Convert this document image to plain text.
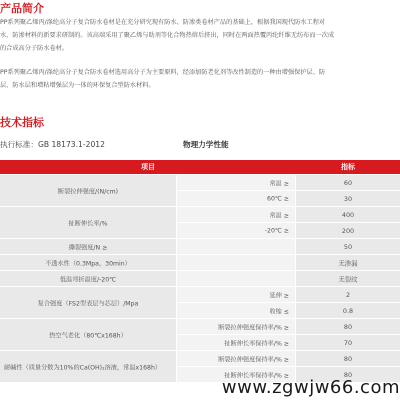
产品简介
PP系列聚乙烯丙/涤纶高分子复合防水卷材是在充分研究现有防水、防渗类卷材产品的基础上，根据我国现代防水工程对
水、防渗材料的新要求研制的。该高端采用了聚乙烯与助剂等化合物热熔后挤出，同时在两面热覆丙纶纤维无纺布而一次成
的合成高分子防水卷材。
PP系列聚乙烯丙/涤纶高分子复合防水卷材选用高分子为主要原料，经添加防老化剂等改性制造的一种由增强保护层、防
层、防水层和增粘增强层为一体的环保复合型防水材料。
技术指标
执行标准：GB 18173.1-2012	物理力学性能
项目	指标
断裂拉伸强度/(N/cm)
常温 ≥	60
60℃ ≥	30
扯断伸长率/%
常温 ≥	400
-20℃ ≥	200
撕裂强度/N ≥	50
不透水性（0.3Mpa，30min）	无渗漏
低温弯折温度/-20℃	无裂纹
复合强度（FS2型表层与芯层）/Mpa
延伸 ≥	2
收缩 ≤	0.8
热空气老化（80℃x168h）
断裂拉伸强度保持率/% ≥	80
扯断伸长率保持率/% ≥	70
耐碱性（质量分数为10%的Ca(OH)₂溶液，常温x168h）
断裂拉伸强度保持率/% ≥	80
扯断伸长率保持率/% ≥	80
www.zgwjw66.com
